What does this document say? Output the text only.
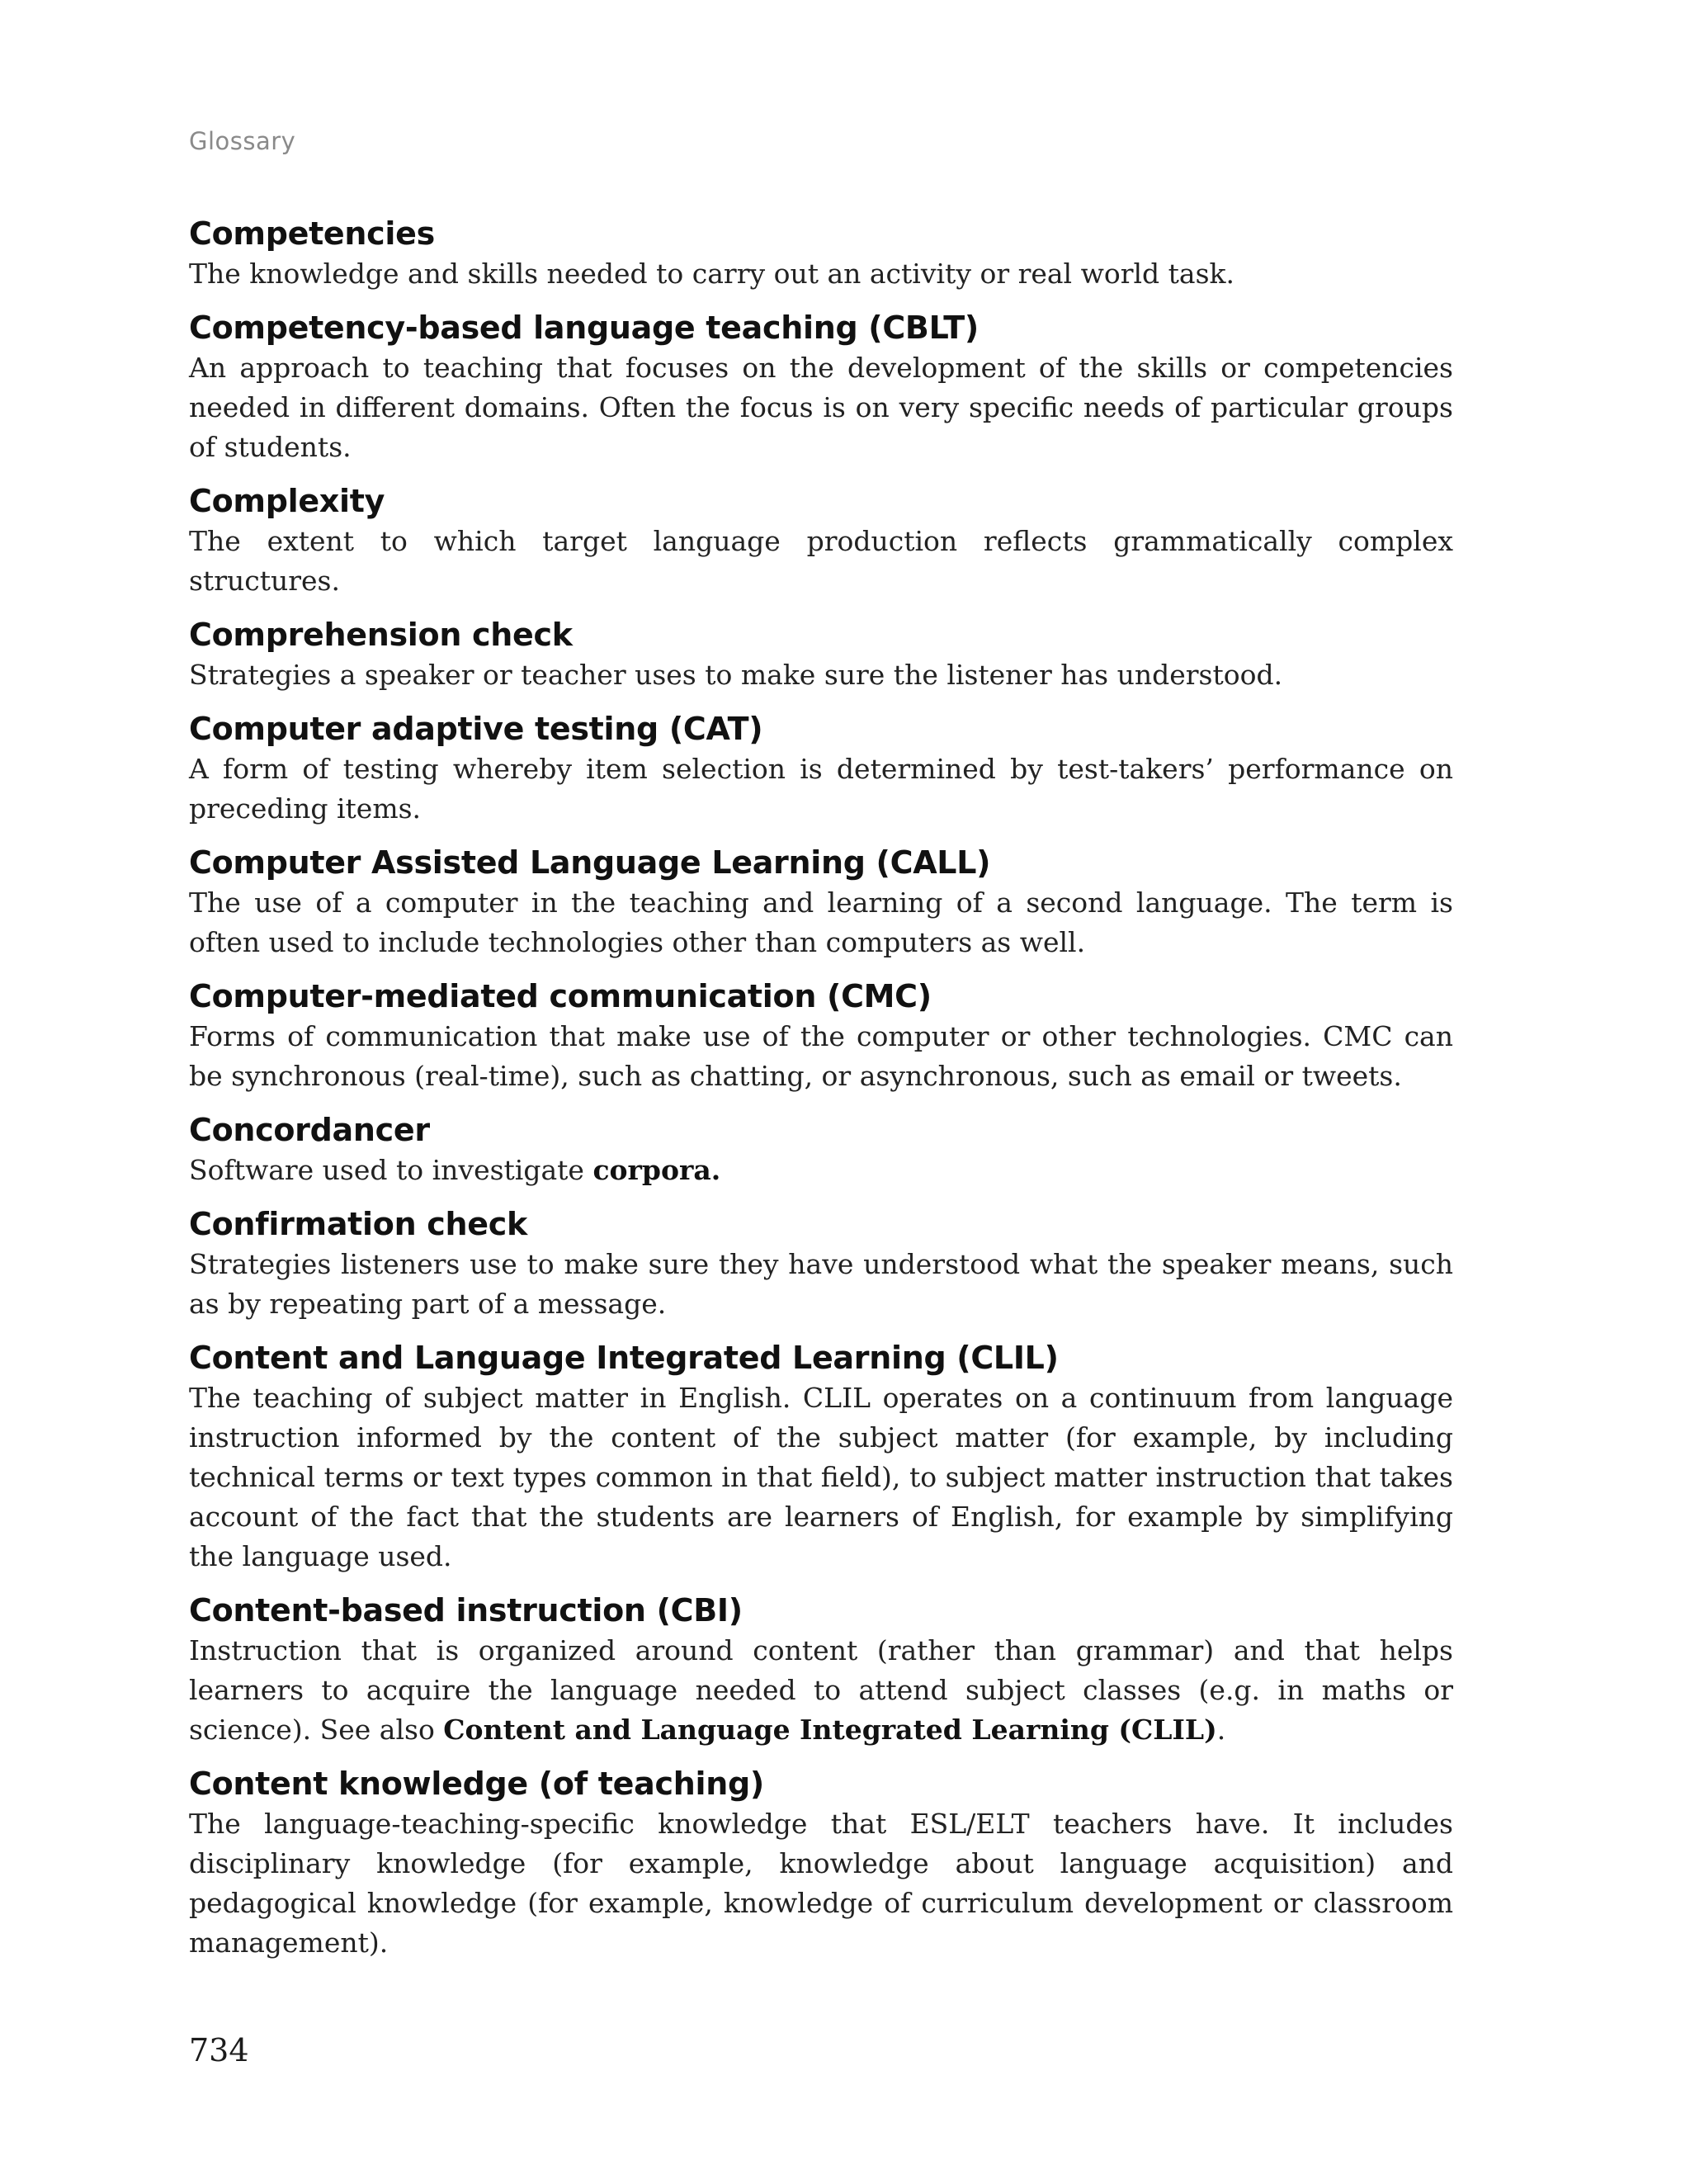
Glossary
Competencies
The knowledge and skills needed to carry out an activity or real world task.
Competency-based language teaching (CBLT)
An approach to teaching that focuses on the development of the skills or competencies needed in different domains. Often the focus is on very specific needs of particular groups of students.
Complexity
The extent to which target language production reflects grammatically complex structures.
Comprehension check
Strategies a speaker or teacher uses to make sure the listener has understood.
Computer adaptive testing (CAT)
A form of testing whereby item selection is determined by test-takers’ performance on preceding items.
Computer Assisted Language Learning (CALL)
The use of a computer in the teaching and learning of a second language. The term is often used to include technologies other than computers as well.
Computer-mediated communication (CMC)
Forms of communication that make use of the computer or other technologies. CMC can be synchronous (real-time), such as chatting, or asynchronous, such as email or tweets.
Concordancer
Software used to investigate corpora.
Confirmation check
Strategies listeners use to make sure they have understood what the speaker means, such as by repeating part of a message.
Content and Language Integrated Learning (CLIL)
The teaching of subject matter in English. CLIL operates on a continuum from language instruction informed by the content of the subject matter (for example, by including technical terms or text types common in that field), to subject matter instruction that takes account of the fact that the students are learners of English, for example by simplifying the language used.
Content-based instruction (CBI)
Instruction that is organized around content (rather than grammar) and that helps learners to acquire the language needed to attend subject classes (e.g. in maths or science). See also Content and Language Integrated Learning (CLIL).
Content knowledge (of teaching)
The language-teaching-specific knowledge that ESL/ELT teachers have. It includes disciplinary knowledge (for example, knowledge about language acquisition) and pedagogical knowledge (for example, knowledge of curriculum development or classroom management).
734
